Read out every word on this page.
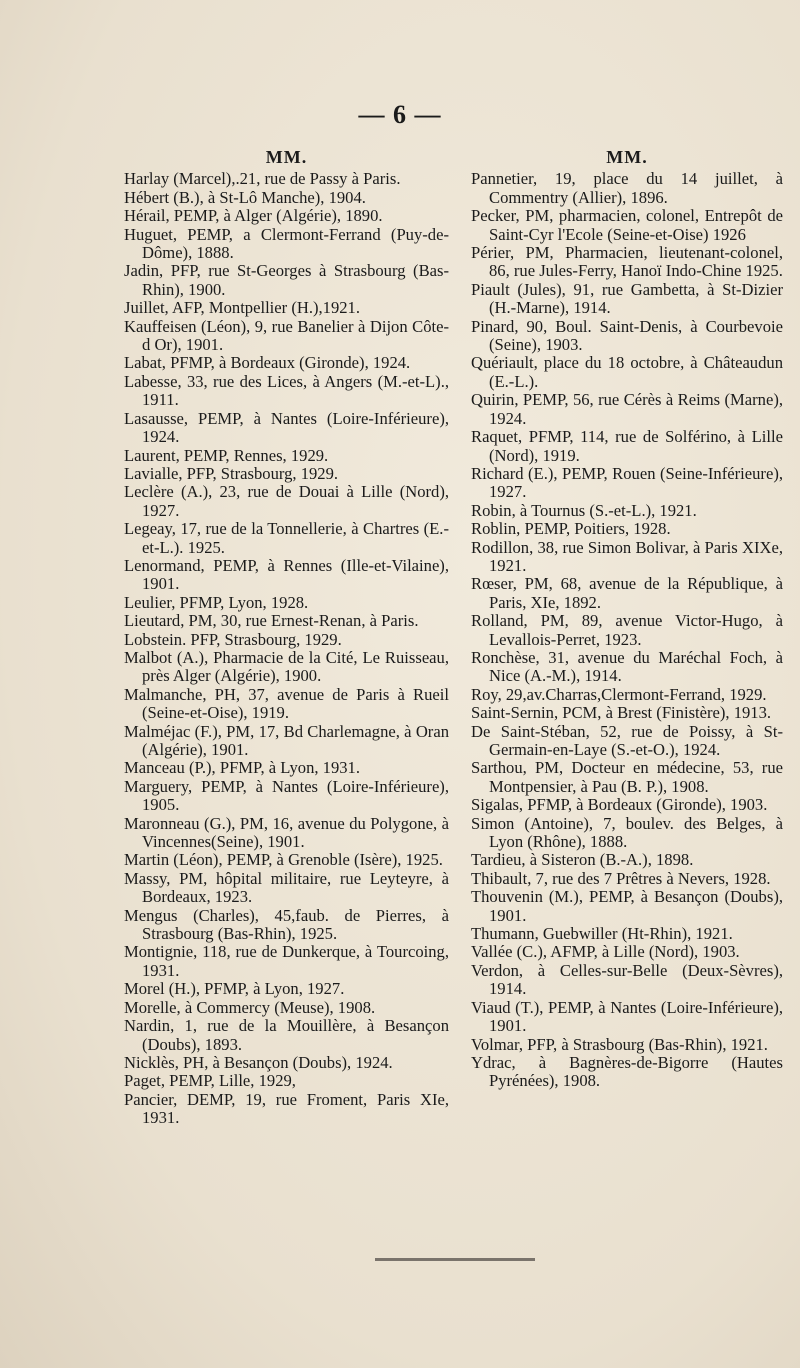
— 6 —
MM.

Harlay (Marcel),.21, rue de Passy à Paris.

Hébert (B.), à St-Lô Manche), 1904.

Hérail, PEMP, à Alger (Algérie), 1890.

Huguet, PEMP, a Clermont-Ferrand (Puy-de-Dôme), 1888.

Jadin, PFP, rue St-Georges à Strasbourg (Bas-Rhin), 1900.

Juillet, AFP, Montpellier (H.),1921.

Kauffeisen (Léon), 9, rue Banelier à Dijon Côte-d Or), 1901.

Labat, PFMP, à Bordeaux (Gironde), 1924.

Labesse, 33, rue des Lices, à Angers (M.-et-L)., 1911.

Lasausse, PEMP, à Nantes (Loire-Inférieure), 1924.

Laurent, PEMP, Rennes, 1929.

Lavialle, PFP, Strasbourg, 1929.

Leclère (A.), 23, rue de Douai à Lille (Nord), 1927.

Legeay, 17, rue de la Tonnellerie, à Chartres (E.-et-L.). 1925.

Lenormand, PEMP, à Rennes (Ille-et-Vilaine), 1901.

Leulier, PFMP, Lyon, 1928.

Lieutard, PM, 30, rue Ernest-Renan, à Paris.

Lobstein. PFP, Strasbourg, 1929.

Malbot (A.), Pharmacie de la Cité, Le Ruisseau, près Alger (Algérie), 1900.

Malmanche, PH, 37, avenue de Paris à Rueil (Seine-et-Oise), 1919.

Malméjac (F.), PM, 17, Bd Charlemagne, à Oran (Algérie), 1901.

Manceau (P.), PFMP, à Lyon, 1931.

Marguery, PEMP, à Nantes (Loire-Inférieure), 1905.

Maronneau (G.), PM, 16, avenue du Polygone, à Vincennes(Seine), 1901.

Martin (Léon), PEMP, à Grenoble (Isère), 1925.

Massy, PM, hôpital militaire, rue Leyteyre, à Bordeaux, 1923.

Mengus (Charles), 45,faub. de Pierres, à Strasbourg (Bas-Rhin), 1925.

Montignie, 118, rue de Dunkerque, à Tourcoing, 1931.

Morel (H.), PFMP, à Lyon, 1927.

Morelle, à Commercy (Meuse), 1908.

Nardin, 1, rue de la Mouillère, à Besançon (Doubs), 1893.

Nicklès, PH, à Besançon (Doubs), 1924.

Paget, PEMP, Lille, 1929,

Pancier, DEMP, 19, rue Froment, Paris XIe, 1931.

MM.

Pannetier, 19, place du 14 juillet, à Commentry (Allier), 1896.

Pecker, PM, pharmacien, colonel, Entrepôt de Saint-Cyr l'Ecole (Seine-et-Oise) 1926

Périer, PM, Pharmacien, lieutenant-colonel, 86, rue Jules-Ferry, Hanoï Indo-Chine 1925.

Piault (Jules), 91, rue Gambetta, à St-Dizier (H.-Marne), 1914.

Pinard, 90, Boul. Saint-Denis, à Courbevoie (Seine), 1903.

Quériault, place du 18 octobre, à Châteaudun (E.-L.).

Quirin, PEMP, 56, rue Cérès à Reims (Marne), 1924.

Raquet, PFMP, 114, rue de Solférino, à Lille (Nord), 1919.

Richard (E.), PEMP, Rouen (Seine-Inférieure), 1927.

Robin, à Tournus (S.-et-L.), 1921.

Roblin, PEMP, Poitiers, 1928.

Rodillon, 38, rue Simon Bolivar, à Paris XIXe, 1921.

Rœser, PM, 68, avenue de la République, à Paris, XIe, 1892.

Rolland, PM, 89, avenue Victor-Hugo, à Levallois-Perret, 1923.

Ronchèse, 31, avenue du Maréchal Foch, à Nice (A.-M.), 1914.

Roy, 29,av.Charras,Clermont-Ferrand, 1929.

Saint-Sernin, PCM, à Brest (Finistère), 1913.

De Saint-Stéban, 52, rue de Poissy, à St-Germain-en-Laye (S.-et-O.), 1924.

Sarthou, PM, Docteur en médecine, 53, rue Montpensier, à Pau (B. P.), 1908.

Sigalas, PFMP, à Bordeaux (Gironde), 1903.

Simon (Antoine), 7, boulev. des Belges, à Lyon (Rhône), 1888.

Tardieu, à Sisteron (B.-A.), 1898.

Thibault, 7, rue des 7 Prêtres à Nevers, 1928.

Thouvenin (M.), PEMP, à Besançon (Doubs), 1901.

Thumann, Guebwiller (Ht-Rhin), 1921.

Vallée (C.), AFMP, à Lille (Nord), 1903.

Verdon, à Celles-sur-Belle (Deux-Sèvres), 1914.

Viaud (T.), PEMP, à Nantes (Loire-Inférieure), 1901.

Volmar, PFP, à Strasbourg (Bas-Rhin), 1921.

Ydrac, à Bagnères-de-Bigorre (Hautes Pyrénées), 1908.
